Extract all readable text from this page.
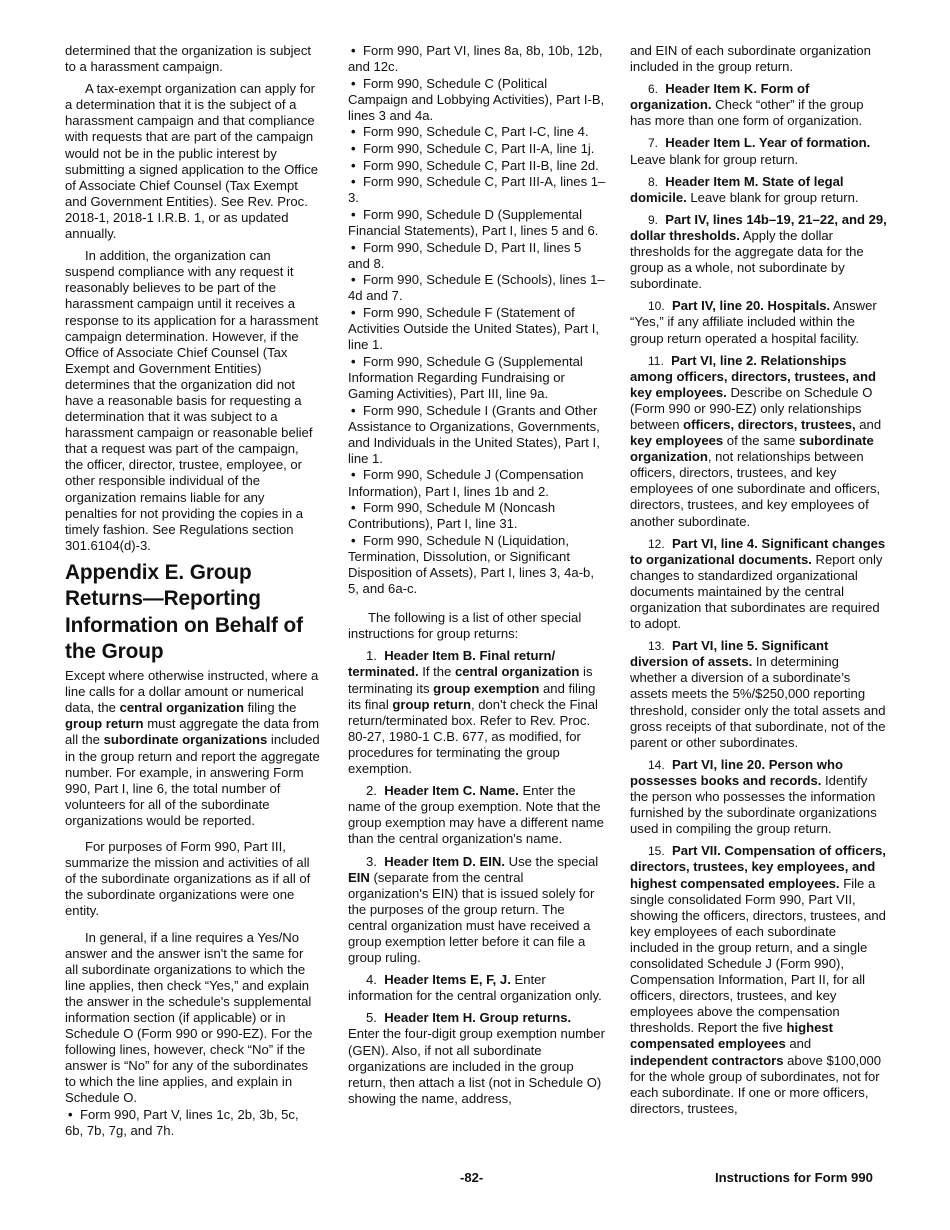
determined that the organization is subject to a harassment campaign.

A tax-exempt organization can apply for a determination that it is the subject of a harassment campaign and that compliance with requests that are part of the campaign would not be in the public interest by submitting a signed application to the Office of Associate Chief Counsel (Tax Exempt and Government Entities). See Rev. Proc. 2018-1, 2018-1 I.R.B. 1, or as updated annually.

In addition, the organization can suspend compliance with any request it reasonably believes to be part of the harassment campaign until it receives a response to its application for a harassment campaign determination. However, if the Office of Associate Chief Counsel (Tax Exempt and Government Entities) determines that the organization did not have a reasonable basis for requesting a determination that it was subject to a harassment campaign or reasonable belief that a request was part of the campaign, the officer, director, trustee, employee, or other responsible individual of the organization remains liable for any penalties for not providing the copies in a timely fashion. See Regulations section 301.6104(d)-3.

Appendix E. Group Returns—Reporting Information on Behalf of the Group

Except where otherwise instructed, where a line calls for a dollar amount or numerical data, the central organization filing the group return must aggregate the data from all the subordinate organizations included in the group return and report the aggregate number. For example, in answering Form 990, Part I, line 6, the total number of volunteers for all of the subordinate organizations would be reported.

For purposes of Form 990, Part III, summarize the mission and activities of all of the subordinate organizations as if all of the subordinate organizations were one entity.

In general, if a line requires a Yes/No answer and the answer isn't the same for all subordinate organizations to which the line applies, then check “Yes,” and explain the answer in the schedule's supplemental information section (if applicable) or in Schedule O (Form 990 or 990-EZ). For the following lines, however, check “No” if the answer is “No” for any of the subordinates to which the line applies, and explain in Schedule O.

• Form 990, Part V, lines 1c, 2b, 3b, 5c, 6b, 7b, 7g, and 7h.
• Form 990, Part VI, lines 8a, 8b, 10b, 12b, and 12c.
• Form 990, Schedule C (Political Campaign and Lobbying Activities), Part I-B, lines 3 and 4a.
• Form 990, Schedule C, Part I-C, line 4.
• Form 990, Schedule C, Part II-A, line 1j.
• Form 990, Schedule C, Part II-B, line 2d.
• Form 990, Schedule C, Part III-A, lines 1–3.
• Form 990, Schedule D (Supplemental Financial Statements), Part I, lines 5 and 6.
• Form 990, Schedule D, Part II, lines 5 and 8.
• Form 990, Schedule E (Schools), lines 1–4d and 7.
• Form 990, Schedule F (Statement of Activities Outside the United States), Part I, line 1.
• Form 990, Schedule G (Supplemental Information Regarding Fundraising or Gaming Activities), Part III, line 9a.
• Form 990, Schedule I (Grants and Other Assistance to Organizations, Governments, and Individuals in the United States), Part I, line 1.
• Form 990, Schedule J (Compensation Information), Part I, lines 1b and 2.
• Form 990, Schedule M (Noncash Contributions), Part I, line 31.
• Form 990, Schedule N (Liquidation, Termination, Dissolution, or Significant Disposition of Assets), Part I, lines 3, 4a-b, 5, and 6a-c.

The following is a list of other special instructions for group returns:

1. Header Item B. Final return/ terminated. If the central organization is terminating its group exemption and filing its final group return, don't check the Final return/terminated box. Refer to Rev. Proc. 80-27, 1980-1 C.B. 677, as modified, for procedures for terminating the group exemption.

2. Header Item C. Name. Enter the name of the group exemption. Note that the group exemption may have a different name than the central organization's name.

3. Header Item D. EIN. Use the special EIN (separate from the central organization's EIN) that is issued solely for the purposes of the group return. The central organization must have received a group exemption letter before it can file a group ruling.

4. Header Items E, F, J. Enter information for the central organization only.

5. Header Item H. Group returns. Enter the four-digit group exemption number (GEN). Also, if not all subordinate organizations are included in the group return, then attach a list (not in Schedule O) showing the name, address,

and EIN of each subordinate organization included in the group return.

6. Header Item K. Form of organization. Check “other” if the group has more than one form of organization.

7. Header Item L. Year of formation. Leave blank for group return.

8. Header Item M. State of legal domicile. Leave blank for group return.

9. Part IV, lines 14b–19, 21–22, and 29, dollar thresholds. Apply the dollar thresholds for the aggregate data for the group as a whole, not subordinate by subordinate.

10. Part IV, line 20. Hospitals. Answer “Yes,” if any affiliate included within the group return operated a hospital facility.

11. Part VI, line 2. Relationships among officers, directors, trustees, and key employees. Describe on Schedule O (Form 990 or 990-EZ) only relationships between officers, directors, trustees, and key employees of the same subordinate organization, not relationships between officers, directors, trustees, and key employees of one subordinate and officers, directors, trustees, and key employees of another subordinate.

12. Part VI, line 4. Significant changes to organizational documents. Report only changes to standardized organizational documents maintained by the central organization that subordinates are required to adopt.

13. Part VI, line 5. Significant diversion of assets. In determining whether a diversion of a subordinate’s assets meets the 5%/$250,000 reporting threshold, consider only the total assets and gross receipts of that subordinate, not of the parent or other subordinates.

14. Part VI, line 20. Person who possesses books and records. Identify the person who possesses the information furnished by the subordinate organizations used in compiling the group return.

15. Part VII. Compensation of officers, directors, trustees, key employees, and highest compensated employees. File a single consolidated Form 990, Part VII, showing the officers, directors, trustees, and key employees of each subordinate included in the group return, and a single consolidated Schedule J (Form 990), Compensation Information, Part II, for all officers, directors, trustees, and key employees above the compensation thresholds. Report the five highest compensated employees and independent contractors above $100,000 for the whole group of subordinates, not for each subordinate. If one or more officers, directors, trustees,

-82-	Instructions for Form 990
